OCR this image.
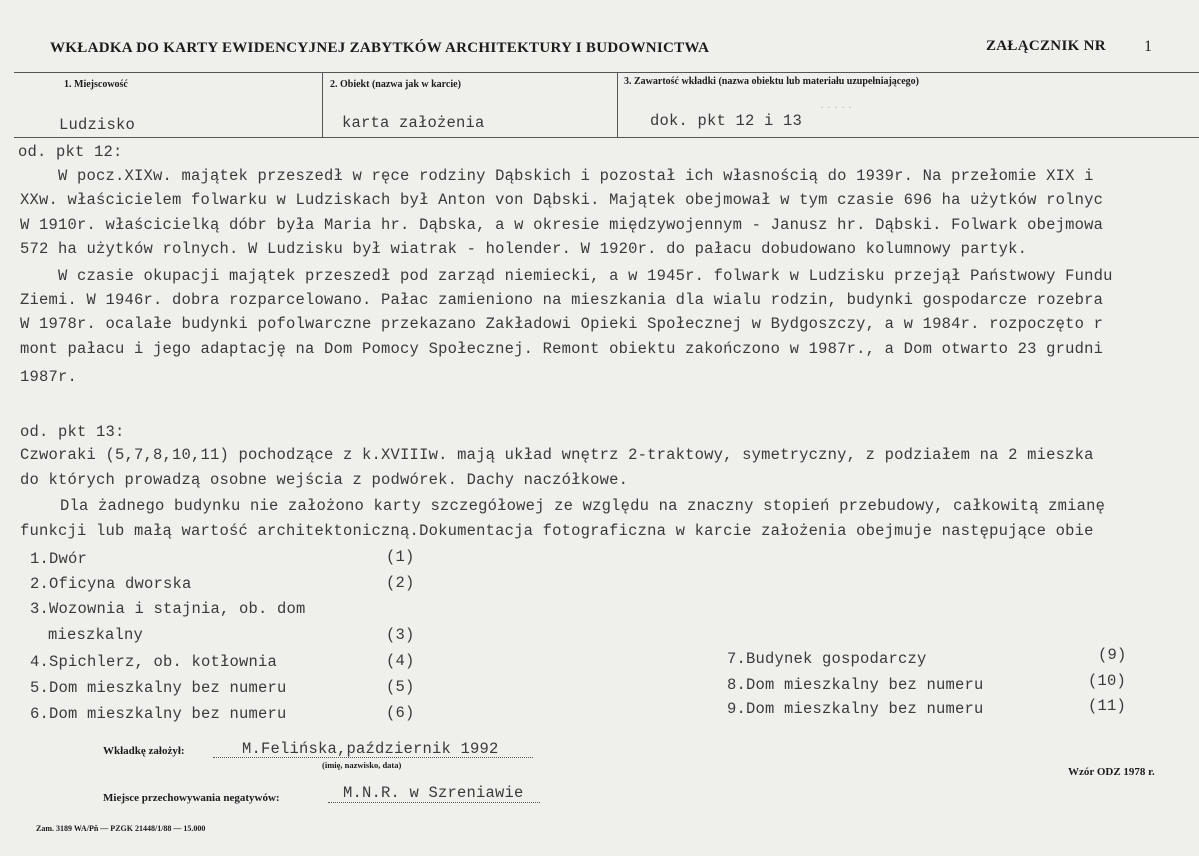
WKŁADKA DO KARTY EWIDENCYJNEJ ZABYTKÓW ARCHITEKTURY I BUDOWNICTWA	ZAŁĄCZNIK NR 1
1. Miejscowość	2. Obiekt (nazwa jak w karcie)	3. Zawartość wkładki (nazwa obiektu lub materiału uzupełniającego)
Ludzisko	karta założenia	dok. pkt 12 i 13
· · · · ·
od. pkt 12:
W pocz.XIXw. majątek przeszedł w ręce rodziny Dąbskich i pozostał ich własnością do 1939r. Na przełomie XIX i
XXw. właścicielem folwarku w Ludziskach był Anton von Dąbski. Majątek obejmował w tym czasie 696 ha użytków rolnyc
W 1910r. właścicielką dóbr była Maria hr. Dąbska, a w okresie międzywojennym - Janusz hr. Dąbski. Folwark obejmowa
572 ha użytków rolnych. W Ludzisku był wiatrak - holender. W 1920r. do pałacu dobudowano kolumnowy partyk.
W czasie okupacji majątek przeszedł pod zarząd niemiecki, a w 1945r. folwark w Ludzisku przejął Państwowy Fundu
Ziemi. W 1946r. dobra rozparcelowano. Pałac zamieniono na mieszkania dla wialu rodzin, budynki gospodarcze rozebra
W 1978r. ocalałe budynki pofolwarczne przekazano Zakładowi Opieki Społecznej w Bydgoszczy, a w 1984r. rozpoczęto r
mont pałacu i jego adaptację na Dom Pomocy Społecznej. Remont obiektu zakończono w 1987r., a Dom otwarto 23 grudni
1987r.
od. pkt 13:
Czworaki (5,7,8,10,11) pochodzące z k.XVIIIw. mają układ wnętrz 2-traktowy, symetryczny, z podziałem na 2 mieszka
do których prowadzą osobne wejścia z podwórek. Dachy naczółkowe.
Dla żadnego budynku nie założono karty szczegółowej ze względu na znaczny stopień przebudowy, całkowitą zmianę
funkcji lub małą wartość architektoniczną.Dokumentacja fotograficzna w karcie założenia obejmuje następujące obie
1.Dwór	(1)
2.Oficyna dworska	(2)
3.Wozownia i stajnia, ob. dom
mieszkalny	(3)
4.Spichlerz, ob. kotłownia	(4)
5.Dom mieszkalny bez numeru	(5)
6.Dom mieszkalny bez numeru	(6)
7.Budynek gospodarczy	(9)
8.Dom mieszkalny bez numeru	(10)
9.Dom mieszkalny bez numeru	(11)
Wkładkę założył:	M.Felińska,październik 1992
(imię, nazwisko, data)
Wzór ODZ 1978 r.
Miejsce przechowywania negatywów:	M.N.R. w Szreniawie
Zam. 3189 WA/Pň — PZGK 21448/1/88 — 15.000
